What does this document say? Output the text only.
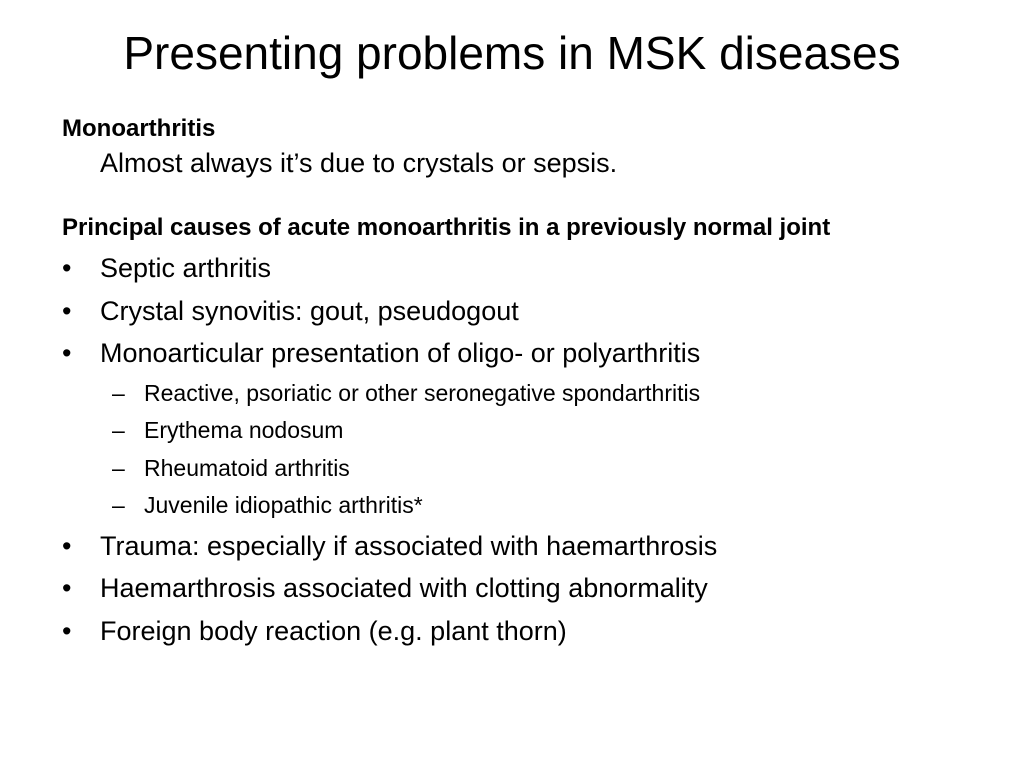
Presenting problems in MSK diseases

Monoarthritis

Almost always it’s due to crystals or sepsis.

Principal causes of acute monoarthritis in a previously normal joint

•	Septic arthritis
•	Crystal synovitis: gout, pseudogout
•	Monoarticular presentation of oligo- or polyarthritis
– Reactive, psoriatic or other seronegative spondarthritis
– Erythema nodosum
– Rheumatoid arthritis
– Juvenile idiopathic arthritis*
•	Trauma: especially if associated with haemarthrosis
•	Haemarthrosis associated with clotting abnormality
•	Foreign body reaction (e.g. plant thorn)
